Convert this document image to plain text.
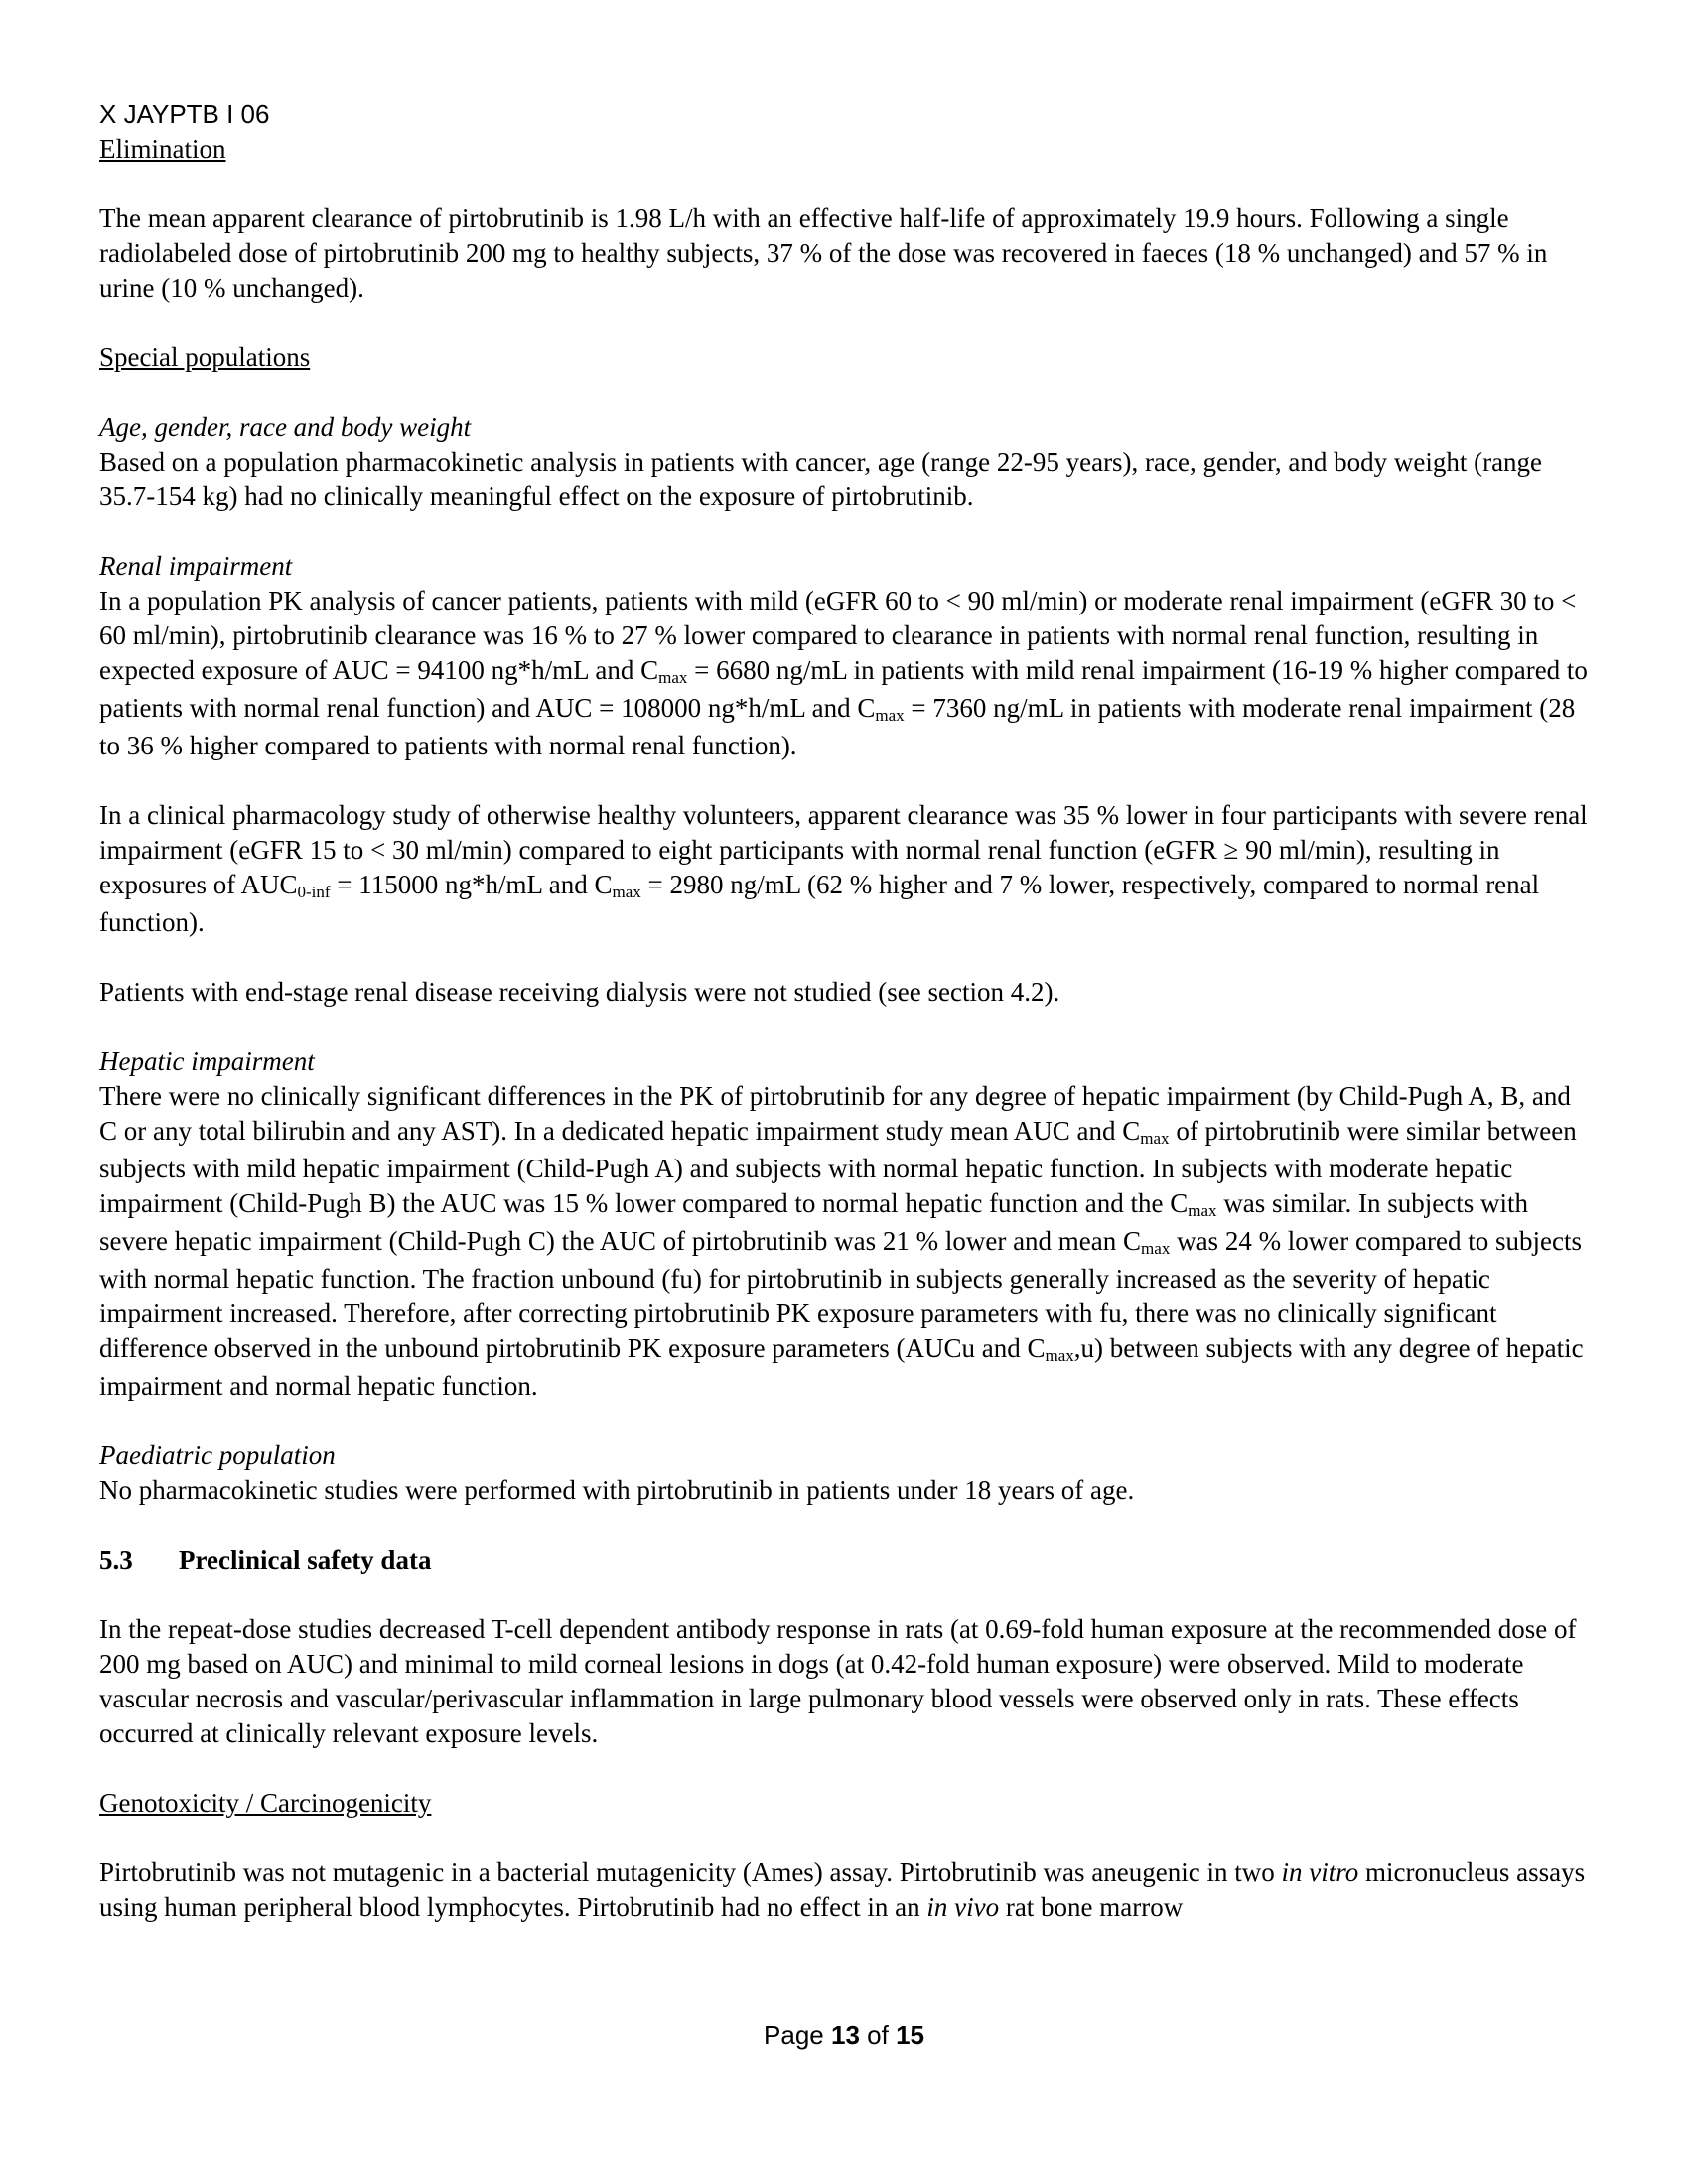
X JAYPTB I 06

Elimination

The mean apparent clearance of pirtobrutinib is 1.98 L/h with an effective half-life of approximately 19.9 hours. Following a single radiolabeled dose of pirtobrutinib 200 mg to healthy subjects, 37 % of the dose was recovered in faeces (18 % unchanged) and 57 % in urine (10 % unchanged).

Special populations

Age, gender, race and body weight

Based on a population pharmacokinetic analysis in patients with cancer, age (range 22-95 years), race, gender, and body weight (range 35.7-154 kg) had no clinically meaningful effect on the exposure of pirtobrutinib.

Renal impairment

In a population PK analysis of cancer patients, patients with mild (eGFR 60 to < 90 ml/min) or moderate renal impairment (eGFR 30 to < 60 ml/min), pirtobrutinib clearance was 16 % to 27 % lower compared to clearance in patients with normal renal function, resulting in expected exposure of AUC = 94100 ng*h/mL and $C_{max} = 6680$ ng/mL in patients with mild renal impairment (16-19 % higher compared to patients with normal renal function) and AUC = 108000 ng*h/mL and $C_{max} = 7360$ ng/mL in patients with moderate renal impairment (28 to 36 % higher compared to patients with normal renal function).

In a clinical pharmacology study of otherwise healthy volunteers, apparent clearance was 35 % lower in four participants with severe renal impairment (eGFR 15 to < 30 ml/min) compared to eight participants with normal renal function (eGFR ≥ 90 ml/min), resulting in exposures of $AUC_{0-inf} = 115000$ ng*h/mL and $C_{max} = 2980$ ng/mL (62 % higher and 7 % lower, respectively, compared to normal renal function).

Patients with end-stage renal disease receiving dialysis were not studied (see section 4.2).

Hepatic impairment

There were no clinically significant differences in the PK of pirtobrutinib for any degree of hepatic impairment (by Child-Pugh A, B, and C or any total bilirubin and any AST). In a dedicated hepatic impairment study mean AUC and $C_{max}$ of pirtobrutinib were similar between subjects with mild hepatic impairment (Child-Pugh A) and subjects with normal hepatic function. In subjects with moderate hepatic impairment (Child-Pugh B) the AUC was 15 % lower compared to normal hepatic function and the $C_{max}$ was similar. In subjects with severe hepatic impairment (Child-Pugh C) the AUC of pirtobrutinib was 21 % lower and mean $C_{max}$ was 24 % lower compared to subjects with normal hepatic function. The fraction unbound (fu) for pirtobrutinib in subjects generally increased as the severity of hepatic impairment increased. Therefore, after correcting pirtobrutinib PK exposure parameters with fu, there was no clinically significant difference observed in the unbound pirtobrutinib PK exposure parameters (AUCu and $C_{max},u$) between subjects with any degree of hepatic impairment and normal hepatic function.

Paediatric population

No pharmacokinetic studies were performed with pirtobrutinib in patients under 18 years of age.

5.3	Preclinical safety data

In the repeat-dose studies decreased T-cell dependent antibody response in rats (at 0.69-fold human exposure at the recommended dose of 200 mg based on AUC) and minimal to mild corneal lesions in dogs (at 0.42-fold human exposure) were observed. Mild to moderate vascular necrosis and vascular/perivascular inflammation in large pulmonary blood vessels were observed only in rats. These effects occurred at clinically relevant exposure levels.

Genotoxicity / Carcinogenicity

Pirtobrutinib was not mutagenic in a bacterial mutagenicity (Ames) assay. Pirtobrutinib was aneugenic in two in vitro micronucleus assays using human peripheral blood lymphocytes. Pirtobrutinib had no effect in an in vivo rat bone marrow

Page 13 of 15
